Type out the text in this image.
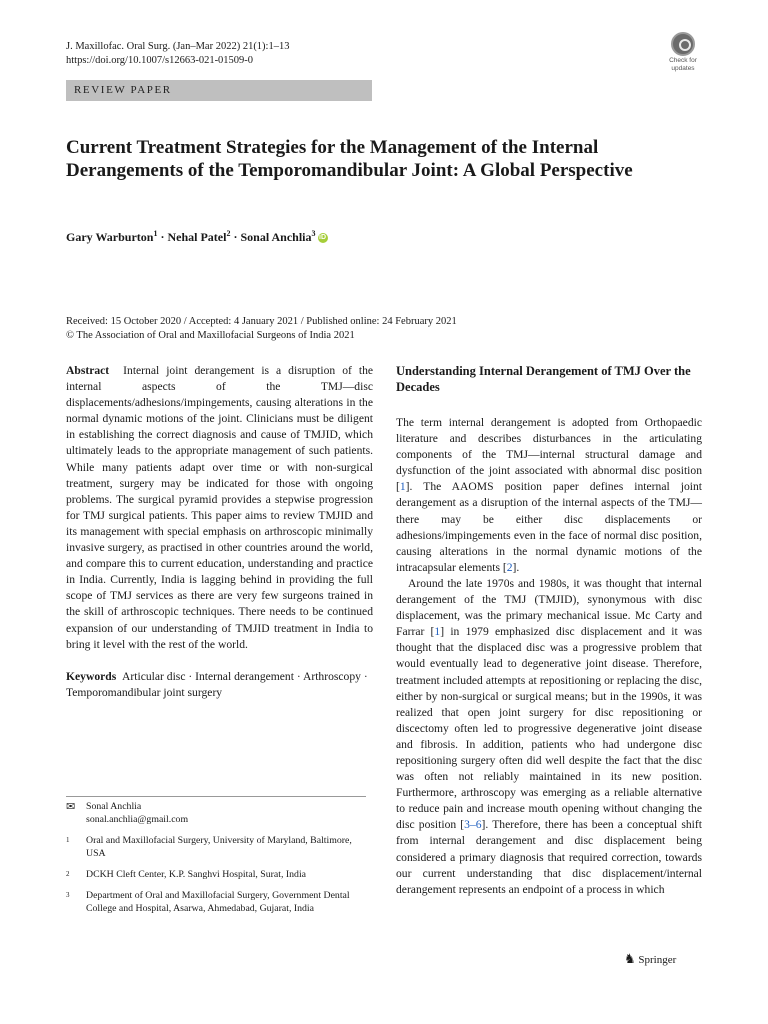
J. Maxillofac. Oral Surg. (Jan–Mar 2022) 21(1):1–13
https://doi.org/10.1007/s12663-021-01509-0	Check for
updates
REVIEW PAPER
Current Treatment Strategies for the Management of the Internal Derangements of the Temporomandibular Joint: A Global Perspective
Gary Warburton$^1$ · Nehal Patel$^2$ · Sonal Anchlia$^3$ iD
Received: 15 October 2020 / Accepted: 4 January 2021 / Published online: 24 February 2021
© The Association of Oral and Maxillofacial Surgeons of India 2021

Abstract Internal joint derangement is a disruption of the internal aspects of the TMJ—disc displacements/adhesions/impingements, causing alterations in the normal dynamic motions of the joint. Clinicians must be diligent in establishing the correct diagnosis and cause of TMJID, which ultimately leads to the appropriate management of such patients. While many patients adapt over time or with non-surgical treatment, surgery may be indicated for those with ongoing problems. The surgical pyramid provides a stepwise progression for TMJ surgical patients. This paper aims to review TMJID and its management with special emphasis on arthroscopic minimally invasive surgery, as practised in other countries around the world, and compare this to current education, understanding and practice in India. Currently, India is lagging behind in providing the full scope of TMJ services as there are very few surgeons trained in the skill of arthroscopic techniques. There needs to be continued expansion of our understanding of TMJID treatment in India to bring it level with the rest of the world.

Keywords Articular disc · Internal derangement · Arthroscopy · Temporomandibular joint surgery

✉ Sonal Anchlia
sonal.anchlia@gmail.com
1 Oral and Maxillofacial Surgery, University of Maryland, Baltimore, USA
2 DCKH Cleft Center, K.P. Sanghvi Hospital, Surat, India
3 Department of Oral and Maxillofacial Surgery, Government Dental College and Hospital, Asarwa, Ahmedabad, Gujarat, India
Understanding Internal Derangement of TMJ Over the Decades

The term internal derangement is adopted from Orthopaedic literature and describes disturbances in the articulating components of the TMJ—internal structural damage and dysfunction of the joint associated with abnormal disc position [1]. The AAOMS position paper defines internal joint derangement as a disruption of the internal aspects of the TMJ—there may be either disc displacements or adhesions/impingements even in the face of normal disc position, causing alterations in the normal dynamic motions of the intracapsular elements [2].

Around the late 1970s and 1980s, it was thought that internal derangement of the TMJ (TMJID), synonymous with disc displacement, was the primary mechanical issue. Mc Carty and Farrar [1] in 1979 emphasized disc displacement and it was thought that the displaced disc was a progressive problem that would eventually lead to degenerative joint disease. Therefore, treatment included attempts at repositioning or replacing the disc, either by non-surgical or surgical means; but in the 1990s, it was realized that open joint surgery for disc repositioning or discectomy often led to progressive degenerative joint disease and fibrosis. In addition, patients who had undergone disc repositioning surgery often did well despite the fact that the disc was often not reliably maintained in its new position. Furthermore, arthroscopy was emerging as a reliable alternative to reduce pain and increase mouth opening without changing the disc position [3–6]. Therefore, there has been a conceptual shift from internal derangement and disc displacement being considered a primary diagnosis that required correction, towards our current understanding that disc displacement/internal derangement represents an endpoint of a process in which

♞ Springer
